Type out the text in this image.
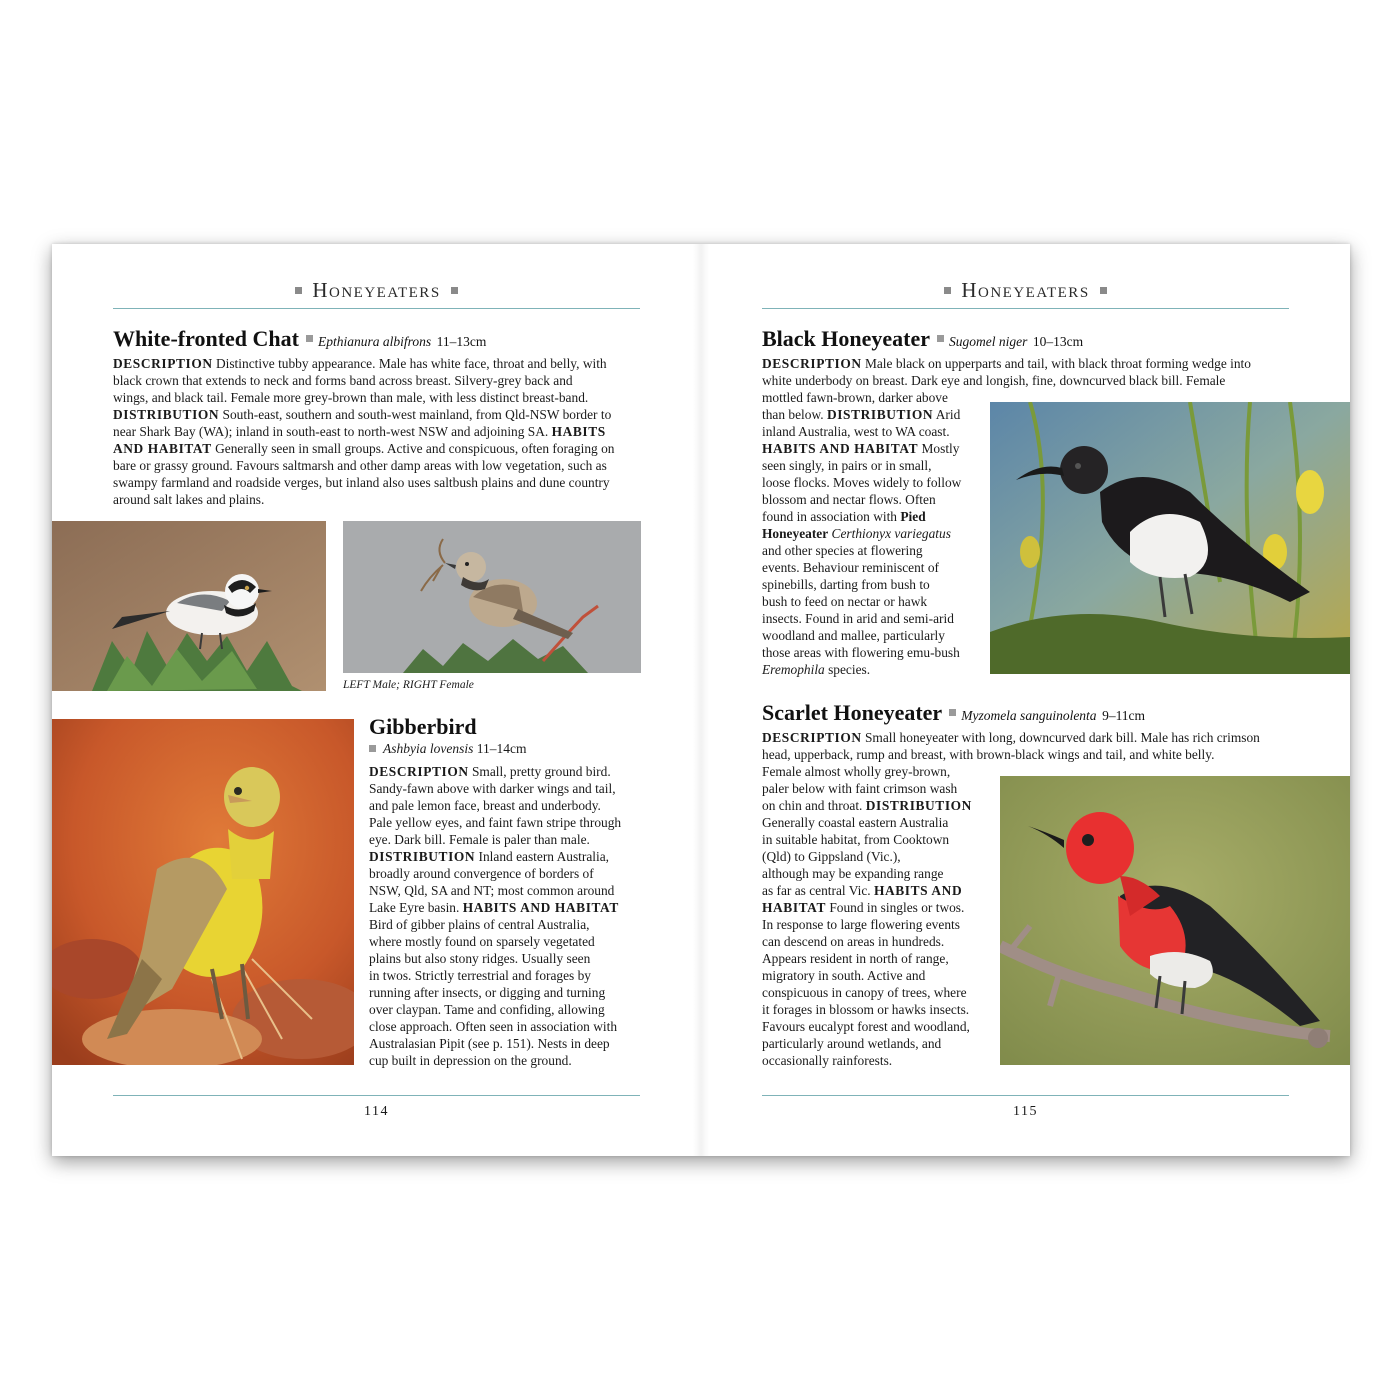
Honeyeaters
White-fronted Chat Epthianura albifrons 11–13cm
DESCRIPTION Distinctive tubby appearance. Male has white face, throat and belly, with
black crown that extends to neck and forms band across breast. Silvery-grey back and
wings, and black tail. Female more grey-brown than male, with less distinct breast-band.
DISTRIBUTION South-east, southern and south-west mainland, from Qld-NSW border to
near Shark Bay (WA); inland in south-east to north-west NSW and adjoining SA. HABITS
AND HABITAT Generally seen in small groups. Active and conspicuous, often foraging on
bare or grassy ground. Favours saltmarsh and other damp areas with low vegetation, such as
swampy farmland and roadside verges, but inland also uses saltbush plains and dune country
around salt lakes and plains.
LEFT Male; RIGHT Female
Gibberbird
Ashbyia lovensis 11–14cm
DESCRIPTION Small, pretty ground bird.
Sandy-fawn above with darker wings and tail,
and pale lemon face, breast and underbody.
Pale yellow eyes, and faint fawn stripe through
eye. Dark bill. Female is paler than male.
DISTRIBUTION Inland eastern Australia,
broadly around convergence of borders of
NSW, Qld, SA and NT; most common around
Lake Eyre basin. HABITS AND HABITAT
Bird of gibber plains of central Australia,
where mostly found on sparsely vegetated
plains but also stony ridges. Usually seen
in twos. Strictly terrestrial and forages by
running after insects, or digging and turning
over claypan. Tame and confiding, allowing
close approach. Often seen in association with
Australasian Pipit (see p. 151). Nests in deep
cup built in depression on the ground.
114
Honeyeaters
Black Honeyeater Sugomel niger 10–13cm
DESCRIPTION Male black on upperparts and tail, with black throat forming wedge into
white underbody on breast. Dark eye and longish, fine, downcurved black bill. Female
mottled fawn-brown, darker above
than below. DISTRIBUTION Arid
inland Australia, west to WA coast.
HABITS AND HABITAT Mostly
seen singly, in pairs or in small,
loose flocks. Moves widely to follow
blossom and nectar flows. Often
found in association with Pied
Honeyeater Certhionyx variegatus
and other species at flowering
events. Behaviour reminiscent of
spinebills, darting from bush to
bush to feed on nectar or hawk
insects. Found in arid and semi-arid
woodland and mallee, particularly
those areas with flowering emu-bush
Eremophila species.
Scarlet Honeyeater Myzomela sanguinolenta 9–11cm
DESCRIPTION Small honeyeater with long, downcurved dark bill. Male has rich crimson
head, upperback, rump and breast, with brown-black wings and tail, and white belly.
Female almost wholly grey-brown,
paler below with faint crimson wash
on chin and throat. DISTRIBUTION
Generally coastal eastern Australia
in suitable habitat, from Cooktown
(Qld) to Gippsland (Vic.),
although may be expanding range
as far as central Vic. HABITS AND
HABITAT Found in singles or twos.
In response to large flowering events
can descend on areas in hundreds.
Appears resident in north of range,
migratory in south. Active and
conspicuous in canopy of trees, where
it forages in blossom or hawks insects.
Favours eucalypt forest and woodland,
particularly around wetlands, and
occasionally rainforests.
115
